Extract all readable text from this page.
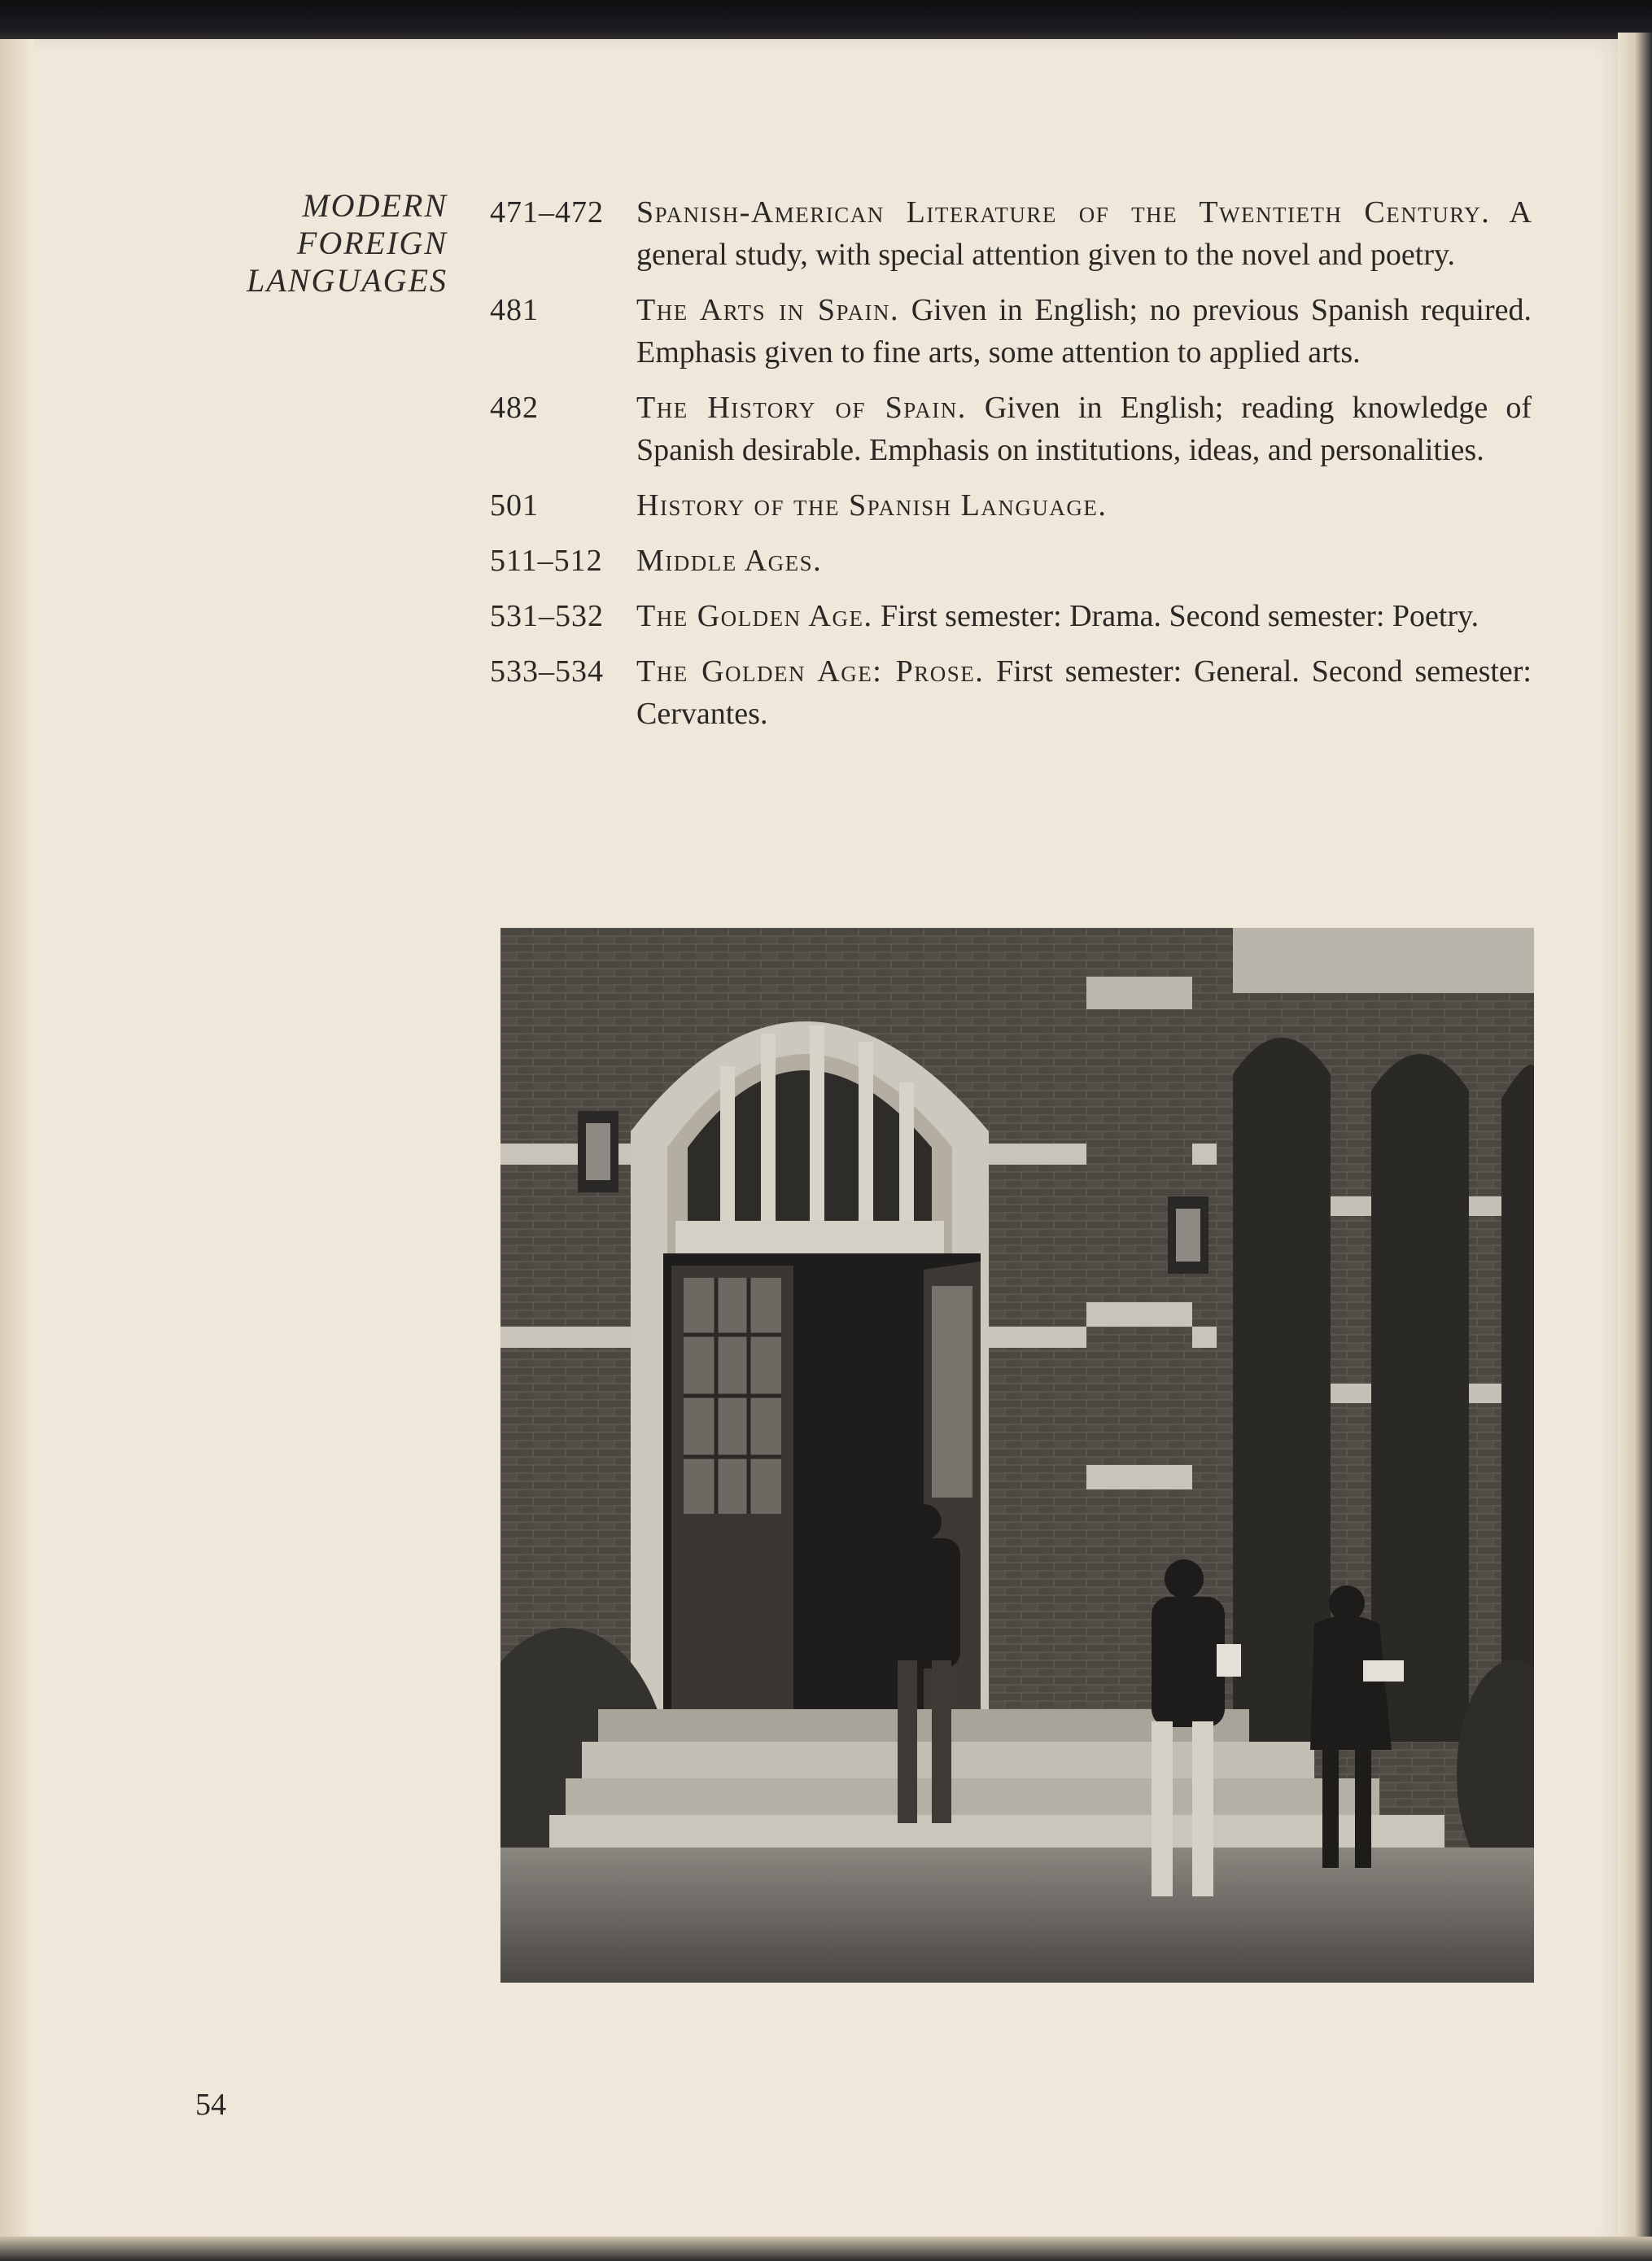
MODERN
FOREIGN
LANGUAGES
471–472	Spanish-American Literature of the Twentieth Century. A general study, with special attention given to the novel and poetry.
481	The Arts in Spain. Given in English; no previous Spanish required. Emphasis given to fine arts, some attention to applied arts.
482	The History of Spain. Given in English; reading knowledge of Spanish desirable. Emphasis on institutions, ideas, and personalities.
501	History of the Spanish Language.
511–512	Middle Ages.
531–532	The Golden Age. First semester: Drama. Second semester: Poetry.
533–534	The Golden Age: Prose. First semester: General. Second semester: Cervantes.
54
